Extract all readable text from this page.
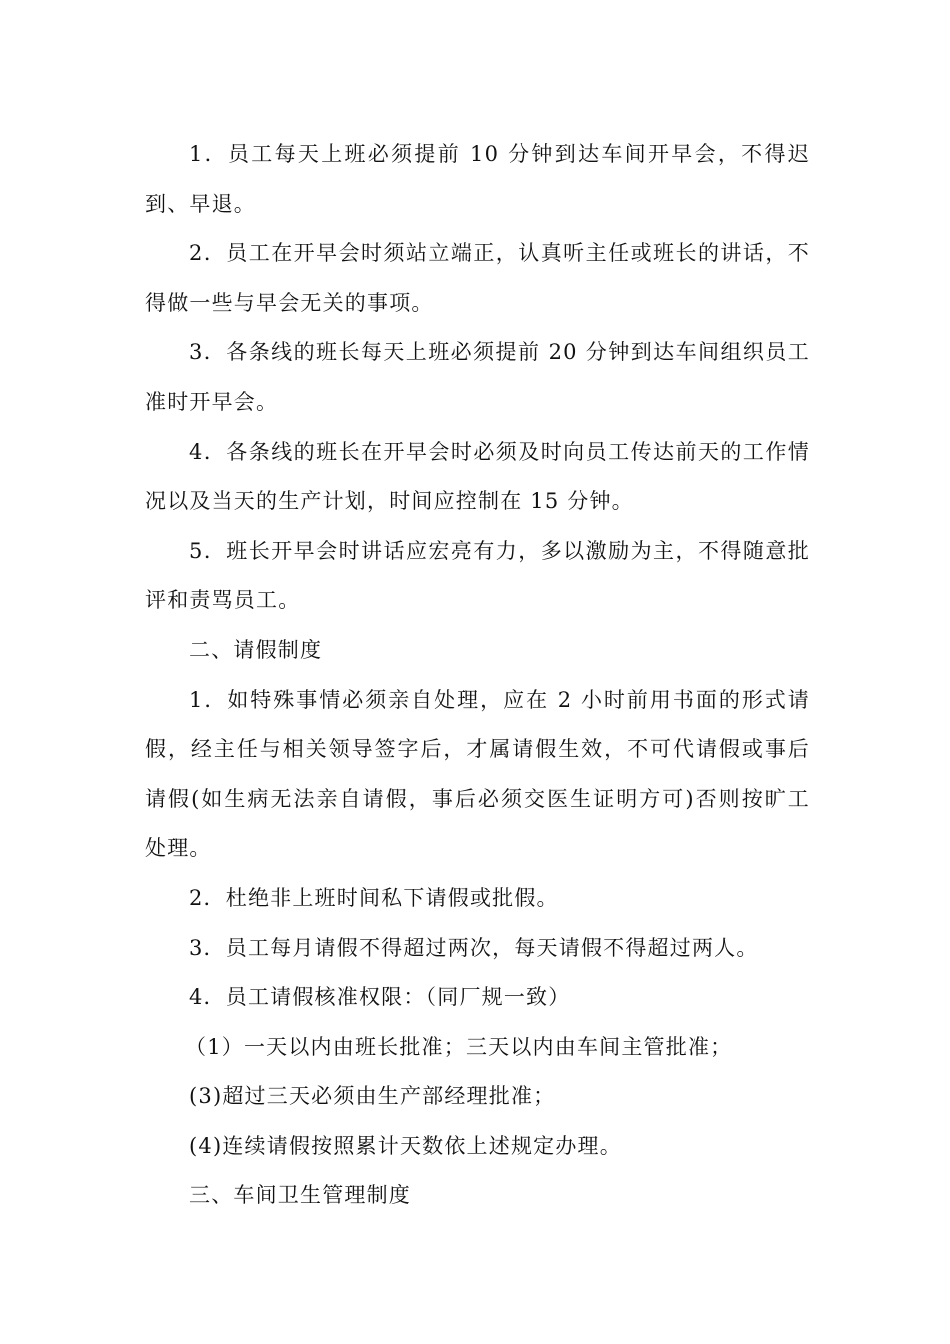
1．员工每天上班必须提前 10 分钟到达车间开早会，不得迟
到、早退。
2．员工在开早会时须站立端正，认真听主任或班长的讲话，不
得做一些与早会无关的事项。
3．各条线的班长每天上班必须提前 20 分钟到达车间组织员工
准时开早会。
4．各条线的班长在开早会时必须及时向员工传达前天的工作情
况以及当天的生产计划，时间应控制在 15 分钟。
5．班长开早会时讲话应宏亮有力，多以激励为主，不得随意批
评和责骂员工。
二、请假制度
1．如特殊事情必须亲自处理，应在 2 小时前用书面的形式请
假，经主任与相关领导签字后，才属请假生效，不可代请假或事后
请假(如生病无法亲自请假，事后必须交医生证明方可)否则按旷工
处理。
2．杜绝非上班时间私下请假或批假。
3．员工每月请假不得超过两次，每天请假不得超过两人。
4．员工请假核准权限：（同厂规一致）
（1）一天以内由班长批准；三天以内由车间主管批准；
(3)超过三天必须由生产部经理批准；
(4)连续请假按照累计天数依上述规定办理。
三、车间卫生管理制度
